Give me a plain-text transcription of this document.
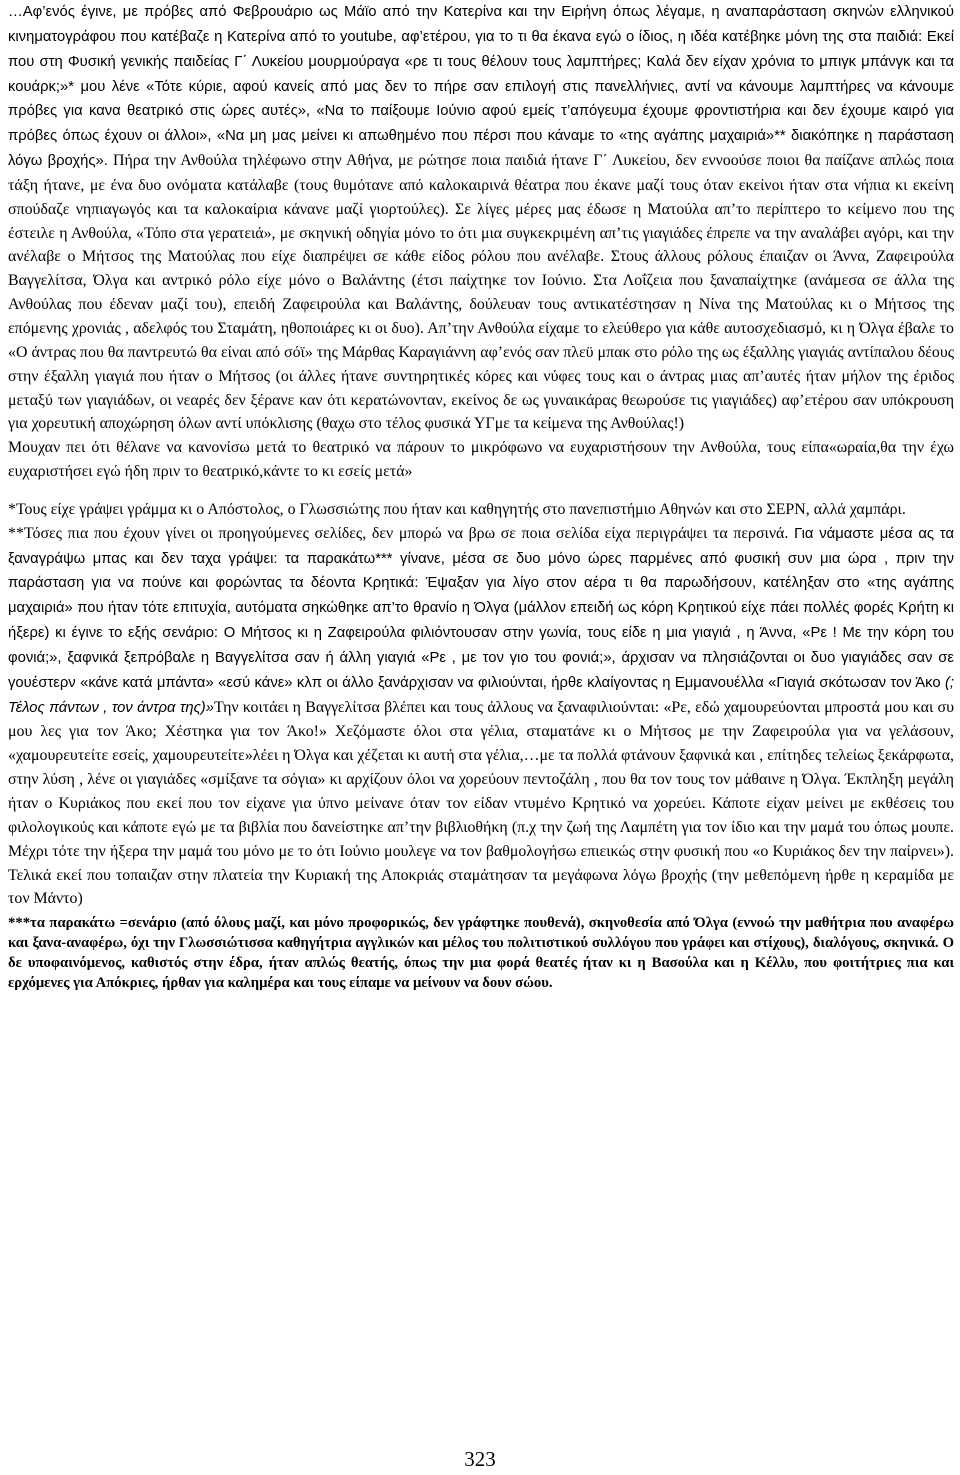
…Αφ’ενός έγινε, με πρόβες από Φεβρουάριο ως Μάϊο από την Κατερίνα και την Ειρήνη όπως λέγαμε, η αναπαράσταση σκηνών ελληνικού κινηματογράφου που κατέβαζε η Κατερίνα από το youtube, αφ’ετέρου, για το τι θα έκανα εγώ ο ίδιος, η ιδέα κατέβηκε μόνη της στα παιδιά: Εκεί που στη Φυσική γενικής παιδείας Γ΄ Λυκείου μουρμούραγα «ρε τι τους θέλουν τους λαμπτήρες; Καλά δεν είχαν χρόνια το μπιγκ μπάνγκ και τα κουάρκ;»* μου λένε «Τότε κύριε, αφού κανείς από μας δεν το πήρε σαν επιλογή στις πανελλήνιες, αντί να κάνουμε λαμπτήρες να κάνουμε πρόβες για κανα θεατρικό στις ώρες αυτές», «Να το παίξουμε Ιούνιο αφού εμείς τ’απόγευμα έχουμε φροντιστήρια και δεν έχουμε καιρό για πρόβες όπως έχουν οι άλλοι», «Να μη μας μείνει κι απωθημένο που πέρσι που κάναμε το «της αγάπης μαχαιριά»** διακόπηκε η παράσταση λόγω βροχής». Πήρα την Ανθούλα τηλέφωνο στην Αθήνα, με ρώτησε ποια παιδιά ήτανε Γ΄ Λυκείου, δεν εννοούσε ποιοι θα παίζανε απλώς ποια τάξη ήτανε, με ένα δυο ονόματα κατάλαβε (τους θυμότανε από καλοκαιρινά θέατρα που έκανε μαζί τους όταν εκείνοι ήταν στα νήπια κι εκείνη σπούδαζε νηπιαγωγός και τα καλοκαίρια κάνανε μαζί γιορτούλες). Σε λίγες μέρες μας έδωσε η Ματούλα απ’το περίπτερο το κείμενο που της έστειλε η Ανθούλα, «Τόπο στα γερατειά», με σκηνική οδηγία μόνο το ότι μια συγκεκριμένη απ’τις γιαγιάδες έπρεπε να την αναλάβει αγόρι, και την ανέλαβε ο Μήτσος της Ματούλας που είχε διαπρέψει σε κάθε είδος ρόλου που ανέλαβε. Στους άλλους ρόλους έπαιζαν οι Άννα, Ζαφειρούλα Βαγγελίτσα, Όλγα και αντρικό ρόλο είχε μόνο ο Βαλάντης (έτσι παίχτηκε τον Ιούνιο. Στα Λοΐζεια που ξαναπαίχτηκε (ανάμεσα σε άλλα της Ανθούλας που έδεναν μαζί του), επειδή Ζαφειρούλα και Βαλάντης, δούλευαν τους αντικατέστησαν η Νίνα της Ματούλας κι ο Μήτσος της επόμενης χρονιάς , αδελφός του Σταμάτη, ηθοποιάρες κι οι δυο). Απ’την Ανθούλα είχαμε το ελεύθερο για κάθε αυτοσχεδιασμό, κι η Όλγα έβαλε το «Ο άντρας που θα παντρευτώ θα είναι από σόϊ» της Μάρθας Καραγιάννη αφ’ενός σαν πλεϋ μπακ στο ρόλο της ως έξαλλης γιαγιάς αντίπαλου δέους στην έξαλλη γιαγιά που ήταν ο Μήτσος (οι άλλες ήτανε συντηρητικές κόρες και νύφες τους και ο άντρας μιας απ’αυτές ήταν μήλον της έριδος μεταξύ των γιαγιάδων, οι νεαρές δεν ξέρανε καν ότι κερατώνονταν, εκείνος δε ως γυναικάρας θεωρούσε τις γιαγιάδες) αφ’ετέρου σαν υπόκρουση για χορευτική αποχώρηση όλων αντί υπόκλισης (θαχω στο τέλος φυσικά ΥΓμε τα κείμενα της Ανθούλας!)

Μουχαν πει ότι θέλανε να κανονίσω μετά το θεατρικό να πάρουν το μικρόφωνο να ευχαριστήσουν την Ανθούλα, τους είπα«ωραία,θα την έχω ευχαριστήσει εγώ ήδη πριν το θεατρικό,κάντε το κι εσείς μετά»

*Τους είχε γράψει γράμμα κι ο Απόστολος, ο Γλωσσιώτης που ήταν και καθηγητής στο πανεπιστήμιο Αθηνών και στο ΣΕΡΝ, αλλά χαμπάρι.

**Τόσες πια που έχουν γίνει οι προηγούμενες σελίδες, δεν μπορώ να βρω σε ποια σελίδα είχα περιγράψει τα περσινά. Για νάμαστε μέσα ας τα ξαναγράψω μπας και δεν ταχα γράψει: τα παρακάτω*** γίνανε, μέσα σε δυο μόνο ώρες παρμένες από φυσική συν μια ώρα , πριν την παράσταση για να πούνε και φορώντας τα δέοντα Κρητικά: Έψαξαν για λίγο στον αέρα τι θα παρωδήσουν, κατέληξαν στο «της αγάπης μαχαιριά» που ήταν τότε επιτυχία, αυτόματα σηκώθηκε απ’το θρανίο η Όλγα (μάλλον επειδή ως κόρη Κρητικού είχε πάει πολλές φορές Κρήτη κι ήξερε) κι έγινε το εξής σενάριο: Ο Μήτσος κι η Ζαφειρούλα φιλιόντουσαν στην γωνία, τους είδε η μια γιαγιά , η Άννα, «Ρε ! Με την κόρη του φονιά;», ξαφνικά ξεπρόβαλε η Βαγγελίτσα σαν ή άλλη γιαγιά «Ρε , με τον γιο του φονιά;», άρχισαν να πλησιάζονται οι δυο γιαγιάδες σαν σε γουέστερν «κάνε κατά μπάντα» «εσύ κάνε» κλπ οι άλλο ξανάρχισαν να φιλιούνται, ήρθε κλαίγοντας η Εμμανουέλλα «Γιαγιά σκότωσαν τον Άκο (; Τέλος πάντων , τον άντρα της)»Την κοιτάει η Βαγγελίτσα βλέπει και τους άλλους να ξαναφιλιούνται: «Ρε, εδώ χαμουρεύονται μπροστά μου και συ μου λες για τον Άκο; Χέστηκα για τον Άκο!» Χεζόμαστε όλοι στα γέλια, σταματάνε κι ο Μήτσος με την Ζαφειρούλα για να γελάσουν, «χαμουρευτείτε εσείς, χαμουρευτείτε»λέει η Όλγα και χέζεται κι αυτή στα γέλια,…με τα πολλά φτάνουν ξαφνικά και , επίτηδες τελείως ξεκάρφωτα, στην λύση , λένε οι γιαγιάδες «σμίξανε τα σόγια» κι αρχίζουν όλοι να χορεύουν πεντοζάλη , που θα τον τους τον μάθαινε η Όλγα. Έκπληξη μεγάλη ήταν ο Κυριάκος που εκεί που τον είχανε για ύπνο μείνανε όταν τον είδαν ντυμένο Κρητικό να χορεύει. Κάποτε είχαν μείνει με εκθέσεις του φιλολογικούς και κάποτε εγώ με τα βιβλία που δανείστηκε απ’την βιβλιοθήκη (π.χ την ζωή της Λαμπέτη για τον ίδιο και την μαμά του όπως μουπε. Μέχρι τότε την ήξερα την μαμά του μόνο με το ότι Ιούνιο μουλεγε να τον βαθμολογήσω επιεικώς στην φυσική που «ο Κυριάκος δεν την παίρνει»). Τελικά εκεί που τοπαιζαν στην πλατεία την Κυριακή της Αποκριάς σταμάτησαν τα μεγάφωνα λόγω βροχής (την μεθεπόμενη ήρθε η κεραμίδα με τον Μάντο)

***τα παρακάτω =σενάριο (από όλους μαζί, και μόνο προφορικώς, δεν γράφτηκε πουθενά), σκηνοθεσία από Όλγα (εννοώ την μαθήτρια που αναφέρω και ξανα-αναφέρω, όχι την Γλωσσιώτισσα καθηγήτρια αγγλικών και μέλος του πολιτιστικού συλλόγου που γράφει και στίχους), διαλόγους, σκηνικά. Ο δε υποφαινόμενος, καθιστός στην έδρα, ήταν απλώς θεατής, όπως την μια φορά θεατές ήταν κι η Βασούλα και η Κέλλυ, που φοιτήτριες πια και ερχόμενες για Απόκριες, ήρθαν για καλημέρα και τους είπαμε να μείνουν να δουν σώου.

323
